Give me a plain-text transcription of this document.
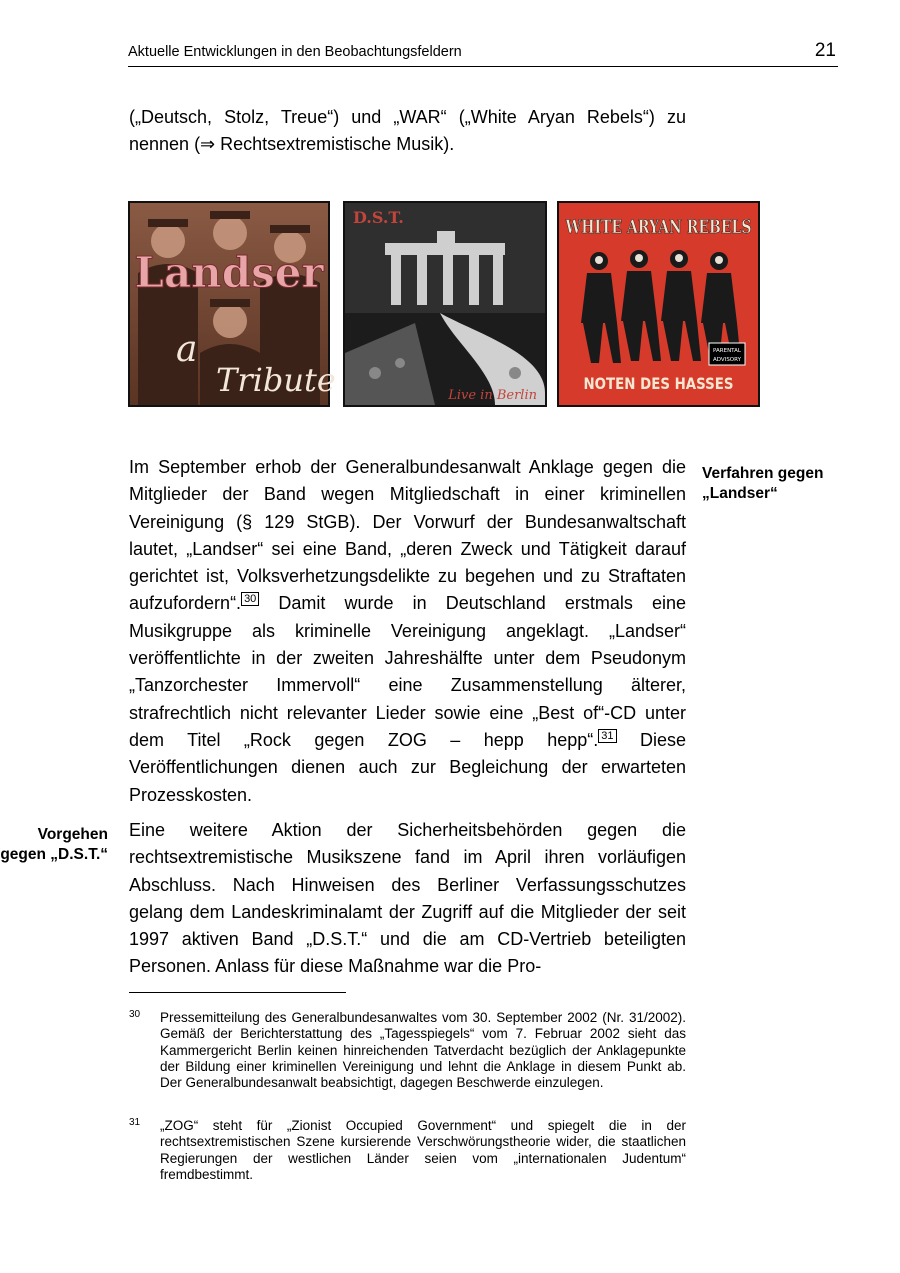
Aktuelle Entwicklungen in den Beobachtungsfeldern	21

(„Deutsch, Stolz, Treue“) und „WAR“ („White Aryan Rebels“) zu nennen (⇒ Rechtsextremistische Musik).

Landser
a
Tribute
D.S.T.
Live in Berlin
WHITE ARYAN REBELS
PARENTAL
ADVISORY
NOTEN DES HASSES
Verfahren gegen
„Landser“
Vorgehen
gegen „D.S.T.“

Im September erhob der Generalbundesanwalt Anklage gegen die Mitglieder der Band wegen Mitgliedschaft in einer kriminellen Vereinigung (§ 129 StGB). Der Vorwurf der Bundesanwaltschaft lautet, „Landser“ sei eine Band, „deren Zweck und Tätigkeit darauf gerichtet ist, Volksverhetzungsdelikte zu begehen und zu Straftaten aufzufordern“. $^{30}$ Damit wurde in Deutschland erstmals eine Musikgruppe als kriminelle Vereinigung angeklagt. „Landser“ veröffentlichte in der zweiten Jahreshälfte unter dem Pseudonym „Tanzorchester Immervoll“ eine Zusammenstellung älterer, strafrechtlich nicht relevanter Lieder sowie eine „Best of“-CD unter dem Titel „Rock gegen ZOG – hepp hepp“. $^{31}$ Diese Veröffentlichungen dienen auch zur Begleichung der erwarteten Prozesskosten.

Eine weitere Aktion der Sicherheitsbehörden gegen die rechtsextremistische Musikszene fand im April ihren vorläufigen Abschluss. Nach Hinweisen des Berliner Verfassungsschutzes gelang dem Landeskriminalamt der Zugriff auf die Mitglieder der seit 1997 aktiven Band „D.S.T.“ und die am CD-Vertrieb beteiligten Personen. Anlass für diese Maßnahme war die Pro-

30 Pressemitteilung des Generalbundesanwaltes vom 30. September 2002 (Nr. 31/2002). Gemäß der Berichterstattung des „Tagesspiegels“ vom 7. Februar 2002 sieht das Kammergericht Berlin keinen hinreichenden Tatverdacht bezüglich der Anklagepunkte der Bildung einer kriminellen Vereinigung und lehnt die Anklage in diesem Punkt ab. Der Generalbundesanwalt beabsichtigt, dagegen Beschwerde einzulegen.
31 „ZOG“ steht für „Zionist Occupied Government“ und spiegelt die in der rechtsextremistischen Szene kursierende Verschwörungstheorie wider, die staatlichen Regierungen der westlichen Länder seien vom „internationalen Judentum“ fremdbestimmt.
